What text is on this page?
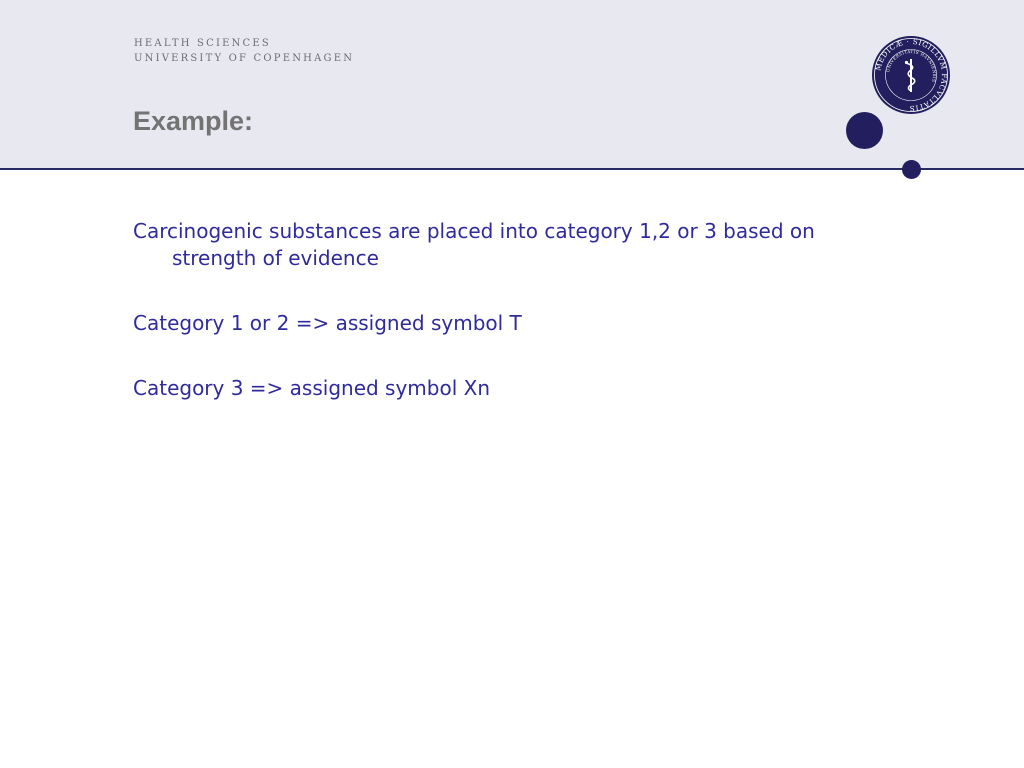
HEALTH SCIENCES
UNIVERSITY OF COPENHAGEN
Example:
MEDICÆ · SIGILLVM FACVLTATIS
UNIVERSITATIS HAVNIENSIS

Carcinogenic substances are placed into category 1,2 or 3 based on strength of evidence

Category 1 or 2 => assigned symbol T

Category 3 => assigned symbol Xn
